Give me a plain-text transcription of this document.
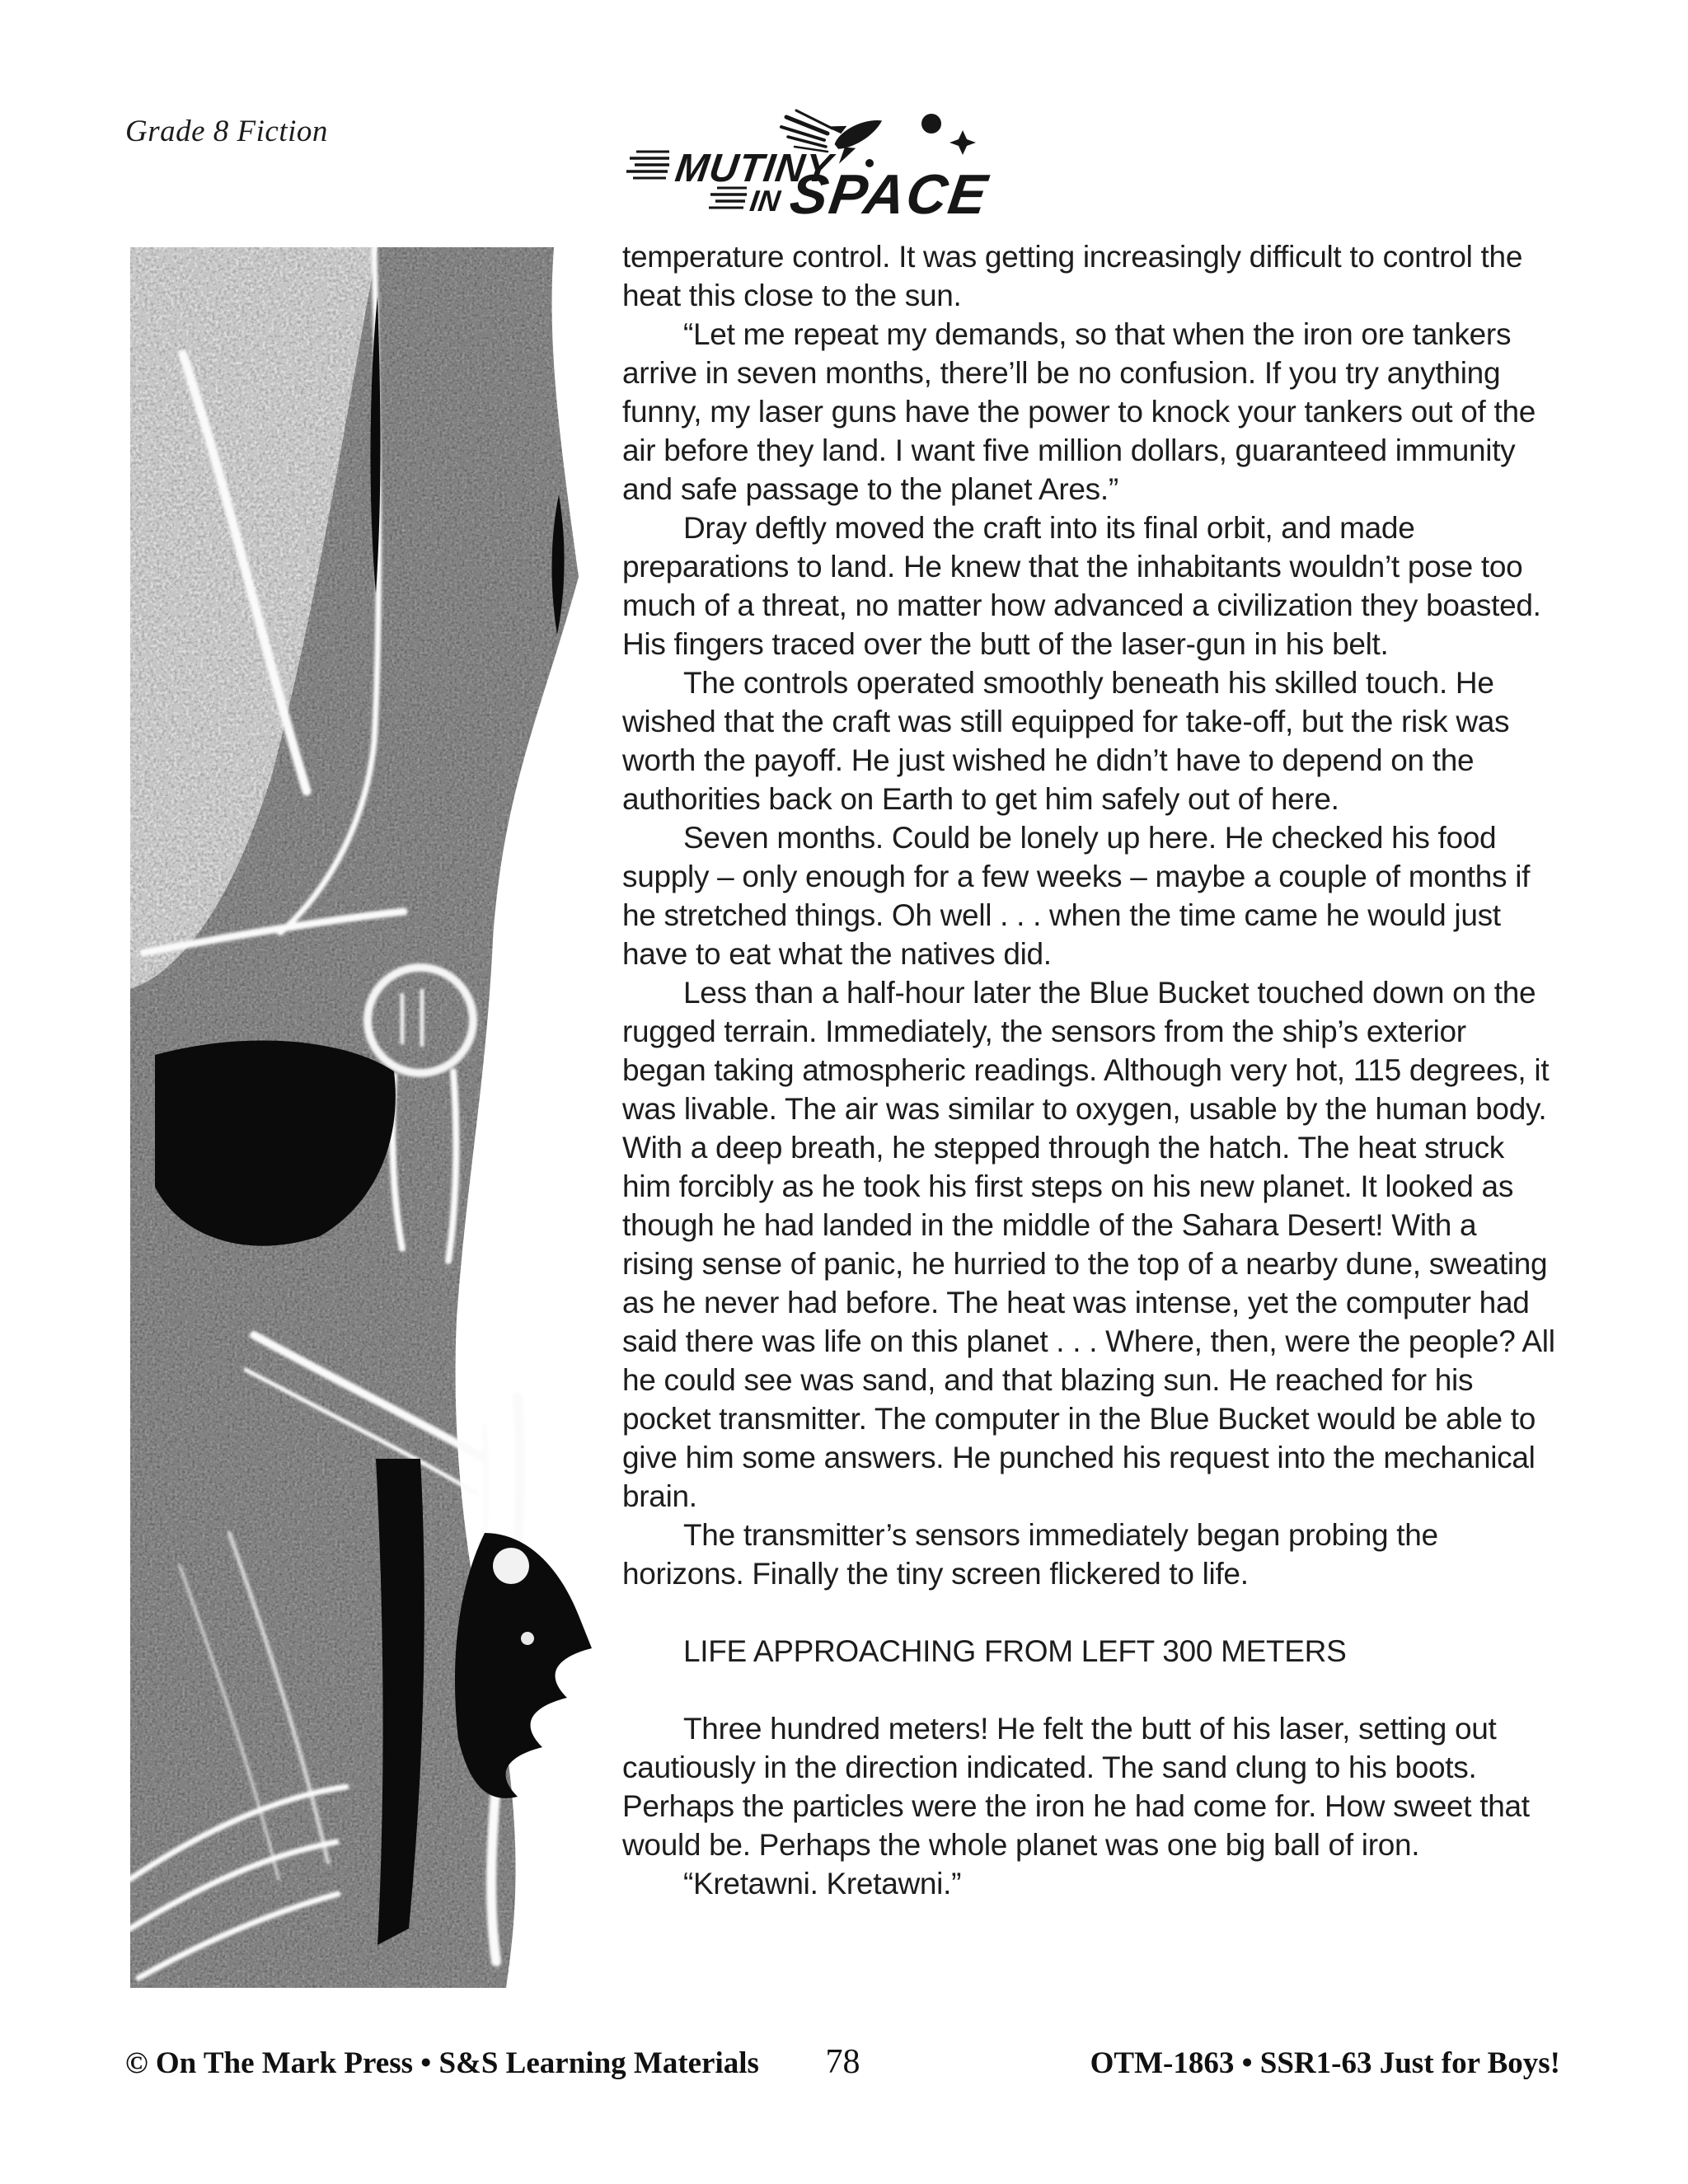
Grade 8 Fiction
MUTINY
IN SPACE

temperature control. It was getting increasingly difficult to control the heat this close to the sun.

“Let me repeat my demands, so that when the iron ore tankers arrive in seven months, there’ll be no confusion. If you try anything funny, my laser guns have the power to knock your tankers out of the air before they land. I want five million dollars, guaranteed immunity and safe passage to the planet Ares.”

Dray deftly moved the craft into its final orbit, and made preparations to land. He knew that the inhabitants wouldn’t pose too much of a threat, no matter how advanced a civilization they boasted. His fingers traced over the butt of the laser-gun in his belt.

The controls operated smoothly beneath his skilled touch. He wished that the craft was still equipped for take-off, but the risk was worth the payoff. He just wished he didn’t have to depend on the authorities back on Earth to get him safely out of here.

Seven months. Could be lonely up here. He checked his food supply – only enough for a few weeks – maybe a couple of months if he stretched things. Oh well . . . when the time came he would just have to eat what the natives did.

Less than a half-hour later the Blue Bucket touched down on the rugged terrain. Immediately, the sensors from the ship’s exterior began taking atmospheric readings. Although very hot, 115 degrees, it was livable. The air was similar to oxygen, usable by the human body. With a deep breath, he stepped through the hatch. The heat struck him forcibly as he took his first steps on his new planet. It looked as though he had landed in the middle of the Sahara Desert! With a rising sense of panic, he hurried to the top of a nearby dune, sweating as he never had before. The heat was intense, yet the computer had said there was life on this planet . . . Where, then, were the people? All he could see was sand, and that blazing sun. He reached for his pocket transmitter. The computer in the Blue Bucket would be able to give him some answers. He punched his request into the mechanical brain.

The transmitter’s sensors immediately began probing the horizons. Finally the tiny screen flickered to life.

LIFE APPROACHING FROM LEFT 300 METERS

Three hundred meters! He felt the butt of his laser, setting out cautiously in the direction indicated. The sand clung to his boots. Perhaps the particles were the iron he had come for. How sweet that would be. Perhaps the whole planet was one big ball of iron.

“Kretawni. Kretawni.”

© On The Mark Press • S&S Learning Materials	78	OTM-1863 • SSR1-63 Just for Boys!
